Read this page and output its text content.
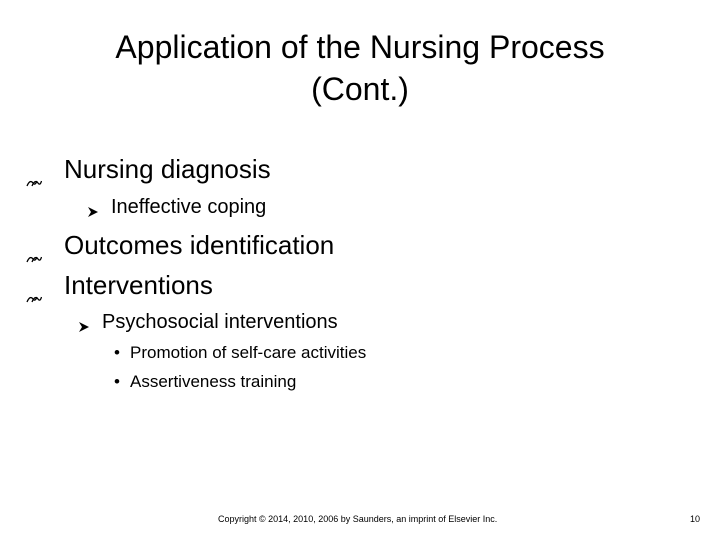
Application of the Nursing Process
(Cont.)
Nursing diagnosis
Ineffective coping
Outcomes identification
Interventions
Psychosocial interventions
• Promotion of self-care activities
• Assertiveness training
Copyright © 2014, 2010, 2006 by Saunders, an imprint of Elsevier Inc.	10
